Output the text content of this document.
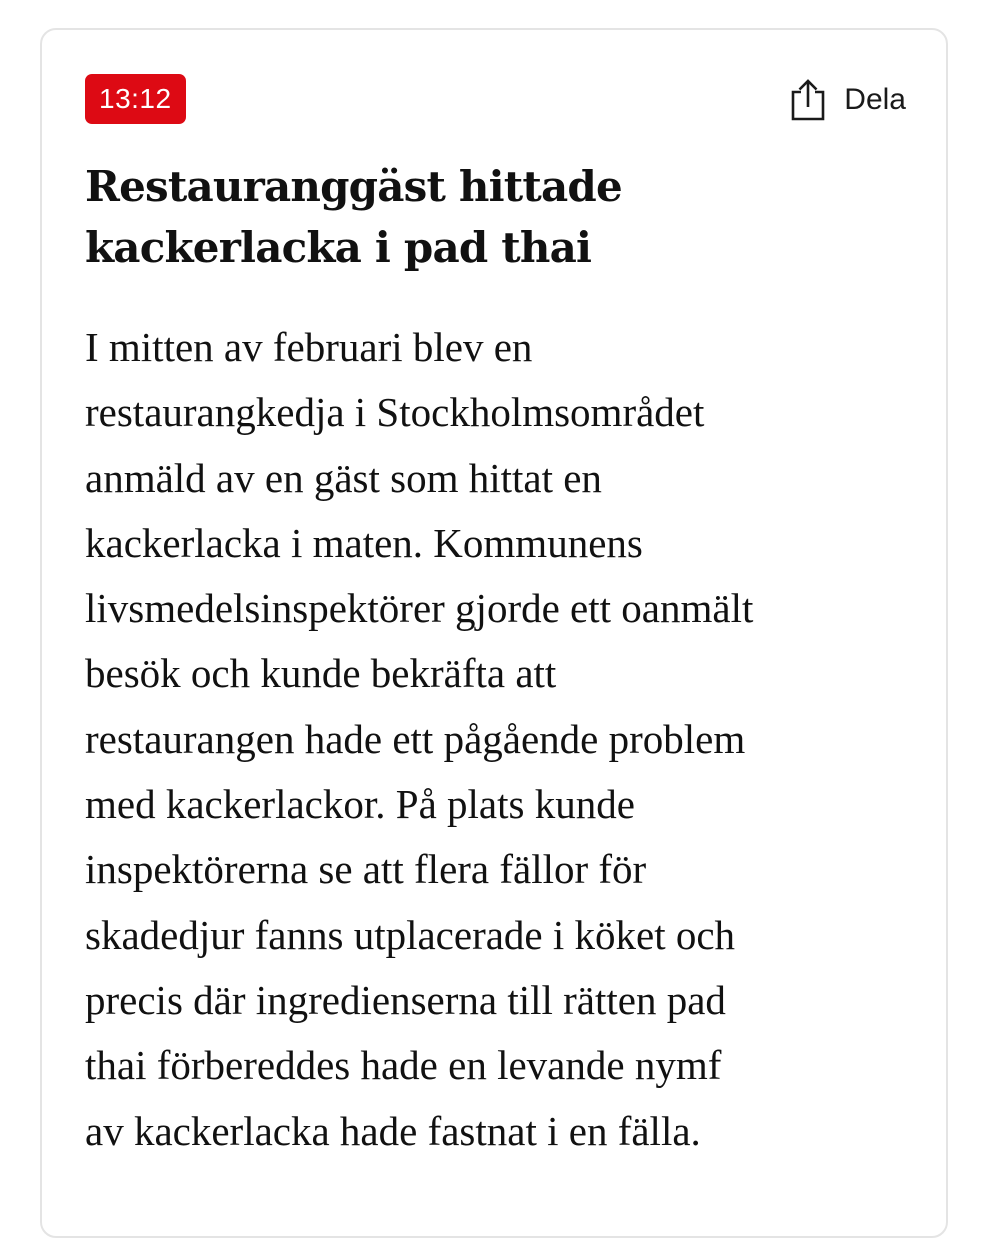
13:12	Dela
Restauranggäst hittade
kackerlacka i pad thai

I mitten av februari blev en
restaurangkedja i Stockholmsområdet
anmäld av en gäst som hittat en
kackerlacka i maten. Kommunens
livsmedelsinspektörer gjorde ett oanmält
besök och kunde bekräfta att
restaurangen hade ett pågående problem
med kackerlackor. På plats kunde
inspektörerna se att flera fällor för
skadedjur fanns utplacerade i köket och
precis där ingredienserna till rätten pad
thai förbereddes hade en levande nymf
av kackerlacka hade fastnat i en fälla.
